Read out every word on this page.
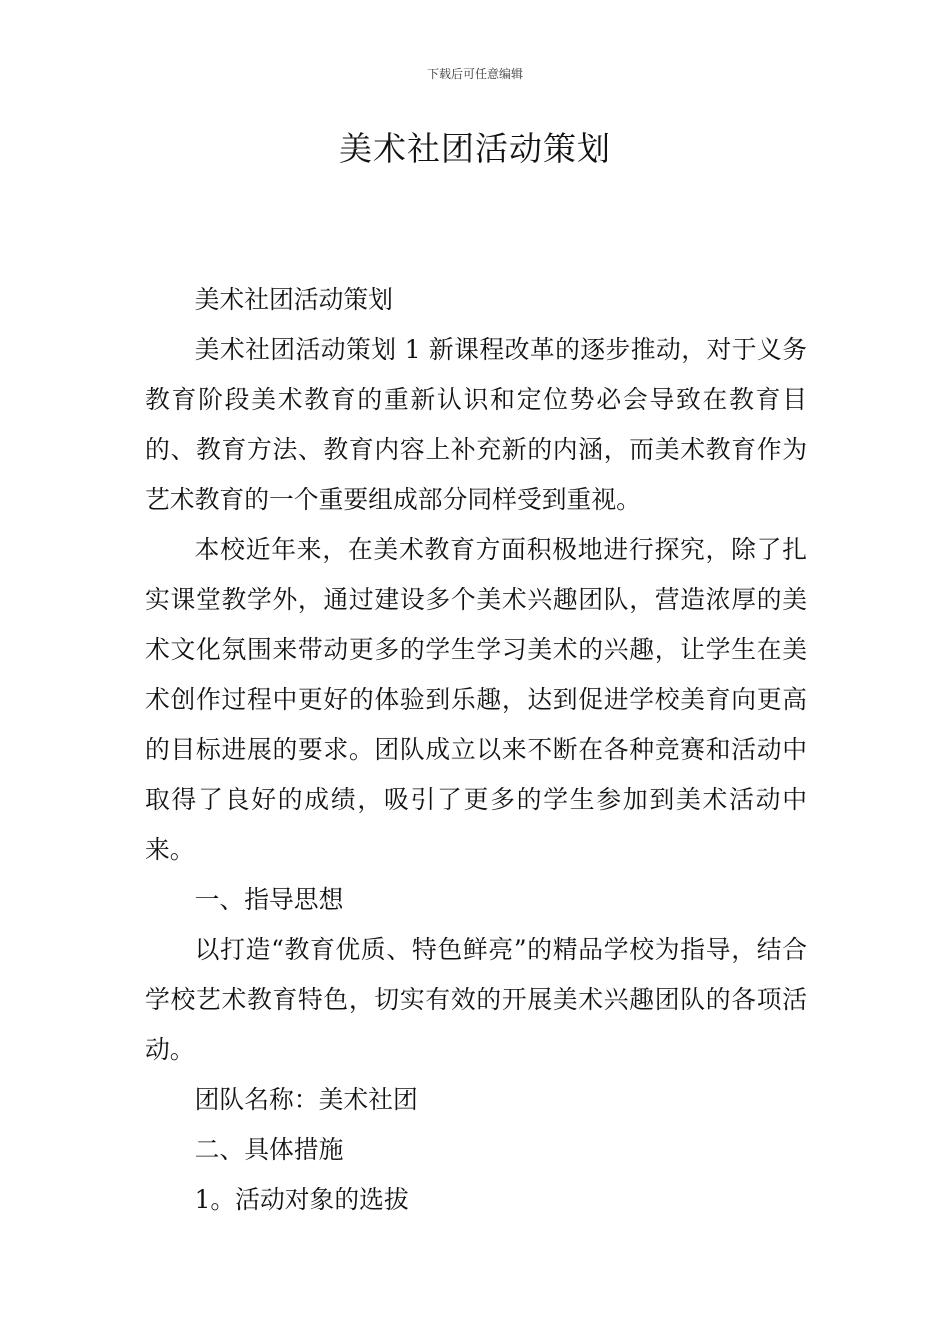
下载后可任意编辑
美术社团活动策划

美术社团活动策划

美术社团活动策划 1 新课程改革的逐步推动，对于义务教育阶段美术教育的重新认识和定位势必会导致在教育目的、教育方法、教育内容上补充新的内涵，而美术教育作为艺术教育的一个重要组成部分同样受到重视。

本校近年来，在美术教育方面积极地进行探究，除了扎实课堂教学外，通过建设多个美术兴趣团队，营造浓厚的美术文化氛围来带动更多的学生学习美术的兴趣，让学生在美术创作过程中更好的体验到乐趣，达到促进学校美育向更高的目标进展的要求。团队成立以来不断在各种竞赛和活动中取得了良好的成绩，吸引了更多的学生参加到美术活动中来。

一、指导思想

以打造“教育优质、特色鲜亮”的精品学校为指导，结合学校艺术教育特色，切实有效的开展美术兴趣团队的各项活动。

团队名称：美术社团

二、具体措施

1。活动对象的选拔
